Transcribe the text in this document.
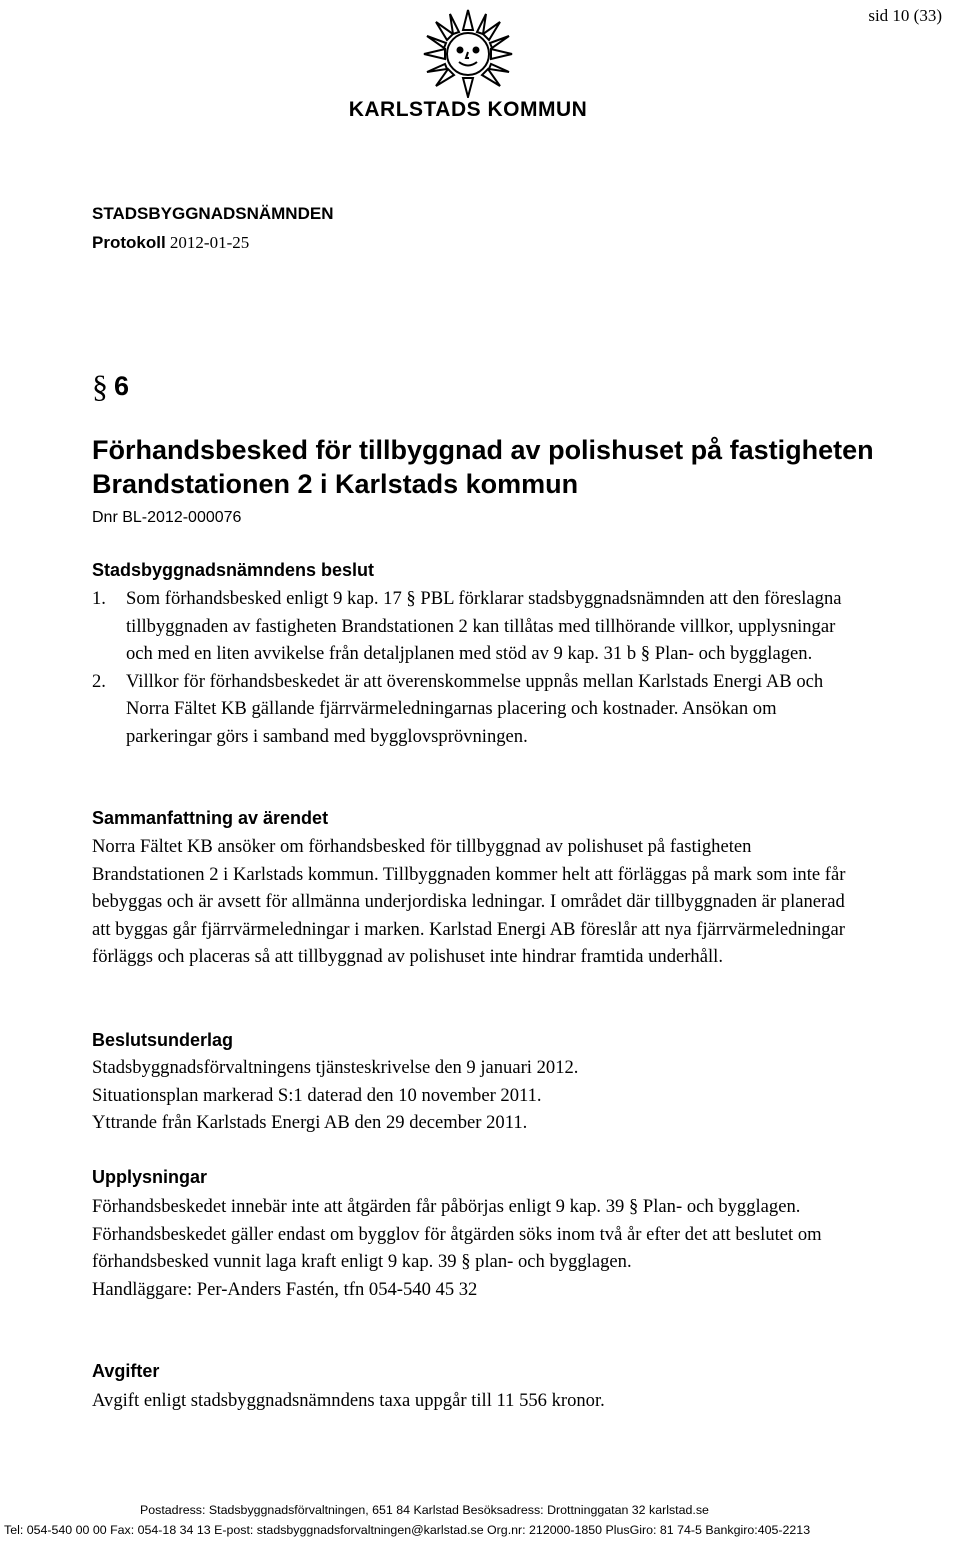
sid 10 (33)
KARLSTADS KOMMUN
STADSBYGGNADSNÄMNDEN
Protokoll 2012-01-25
§ 6
Förhandsbesked för tillbyggnad av polishuset på fastigheten Brandstationen 2 i Karlstads kommun
Dnr BL-2012-000076
Stadsbyggnadsnämndens beslut
1. Som förhandsbesked enligt 9 kap. 17 § PBL förklarar stadsbyggnadsnämnden att den föreslagna tillbyggnaden av fastigheten Brandstationen 2 kan tillåtas med tillhörande villkor, upplysningar och med en liten avvikelse från detaljplanen med stöd av 9 kap. 31 b § Plan- och bygglagen.
2. Villkor för förhandsbeskedet är att överenskommelse uppnås mellan Karlstads Energi AB och Norra Fältet KB gällande fjärrvärmeledningarnas placering och kostnader. Ansökan om parkeringar görs i samband med bygglovsprövningen.
Sammanfattning av ärendet
Norra Fältet KB ansöker om förhandsbesked för tillbyggnad av polishuset på fastigheten Brandstationen 2 i Karlstads kommun. Tillbyggnaden kommer helt att förläggas på mark som inte får bebyggas och är avsett för allmänna underjordiska ledningar. I området där tillbyggnaden är planerad att byggas går fjärrvärmeledningar i marken. Karlstad Energi AB föreslår att nya fjärrvärmeledningar förläggs och placeras så att tillbyggnad av polishuset inte hindrar framtida underhåll.
Beslutsunderlag
Stadsbyggnadsförvaltningens tjänsteskrivelse den 9 januari 2012.
Situationsplan markerad S:1 daterad den 10 november 2011.
Yttrande från Karlstads Energi AB den 29 december 2011.
Upplysningar
Förhandsbeskedet innebär inte att åtgärden får påbörjas enligt 9 kap. 39 § Plan- och bygglagen.
Förhandsbeskedet gäller endast om bygglov för åtgärden söks inom två år efter det att beslutet om förhandsbesked vunnit laga kraft enligt 9 kap. 39 § plan- och bygglagen.
Handläggare: Per-Anders Fastén, tfn 054-540 45 32
Avgifter
Avgift enligt stadsbyggnadsnämndens taxa uppgår till 11 556 kronor.
Postadress: Stadsbyggnadsförvaltningen, 651 84 Karlstad Besöksadress: Drottninggatan 32 karlstad.se
Tel: 054-540 00 00 Fax: 054-18 34 13 E-post: stadsbyggnadsforvaltningen@karlstad.se Org.nr: 212000-1850 PlusGiro: 81 74-5 Bankgiro:405-2213
